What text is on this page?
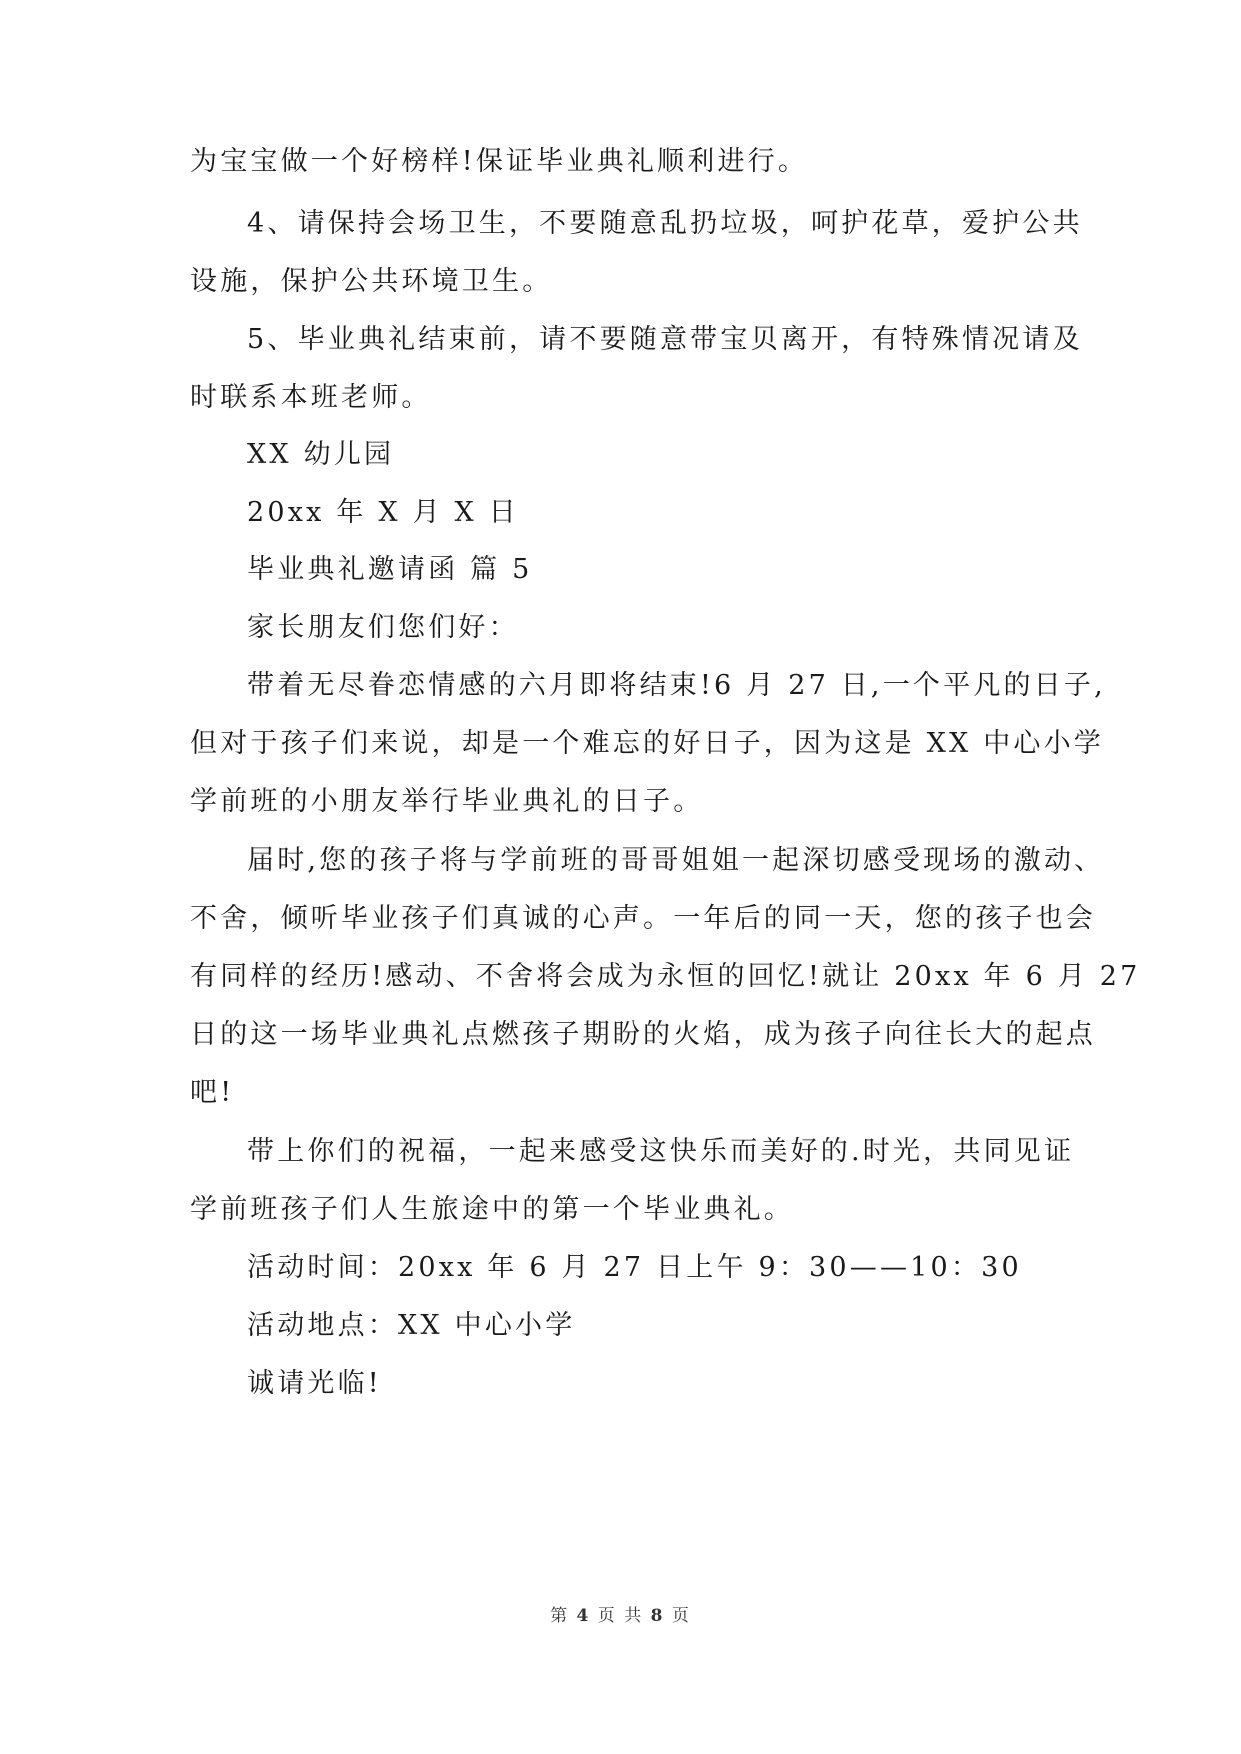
为宝宝做一个好榜样!保证毕业典礼顺利进行。
4、请保持会场卫生，不要随意乱扔垃圾，呵护花草，爱护公共
设施，保护公共环境卫生。
5、毕业典礼结束前，请不要随意带宝贝离开，有特殊情况请及
时联系本班老师。
XX 幼儿园
20xx 年 X 月 X 日
毕业典礼邀请函 篇 5
家长朋友们您们好：
带着无尽眷恋情感的六月即将结束!6 月 27 日,一个平凡的日子,
但对于孩子们来说，却是一个难忘的好日子，因为这是 XX 中心小学
学前班的小朋友举行毕业典礼的日子。
届时,您的孩子将与学前班的哥哥姐姐一起深切感受现场的激动、
不舍，倾听毕业孩子们真诚的心声。一年后的同一天，您的孩子也会
有同样的经历!感动、不舍将会成为永恒的回忆!就让 20xx 年 6 月 27
日的这一场毕业典礼点燃孩子期盼的火焰，成为孩子向往长大的起点
吧!
带上你们的祝福，一起来感受这快乐而美好的.时光，共同见证
学前班孩子们人生旅途中的第一个毕业典礼。
活动时间：20xx 年 6 月 27 日上午 9：30——10：30
活动地点：XX 中心小学
诚请光临!
第 4 页 共 8 页
